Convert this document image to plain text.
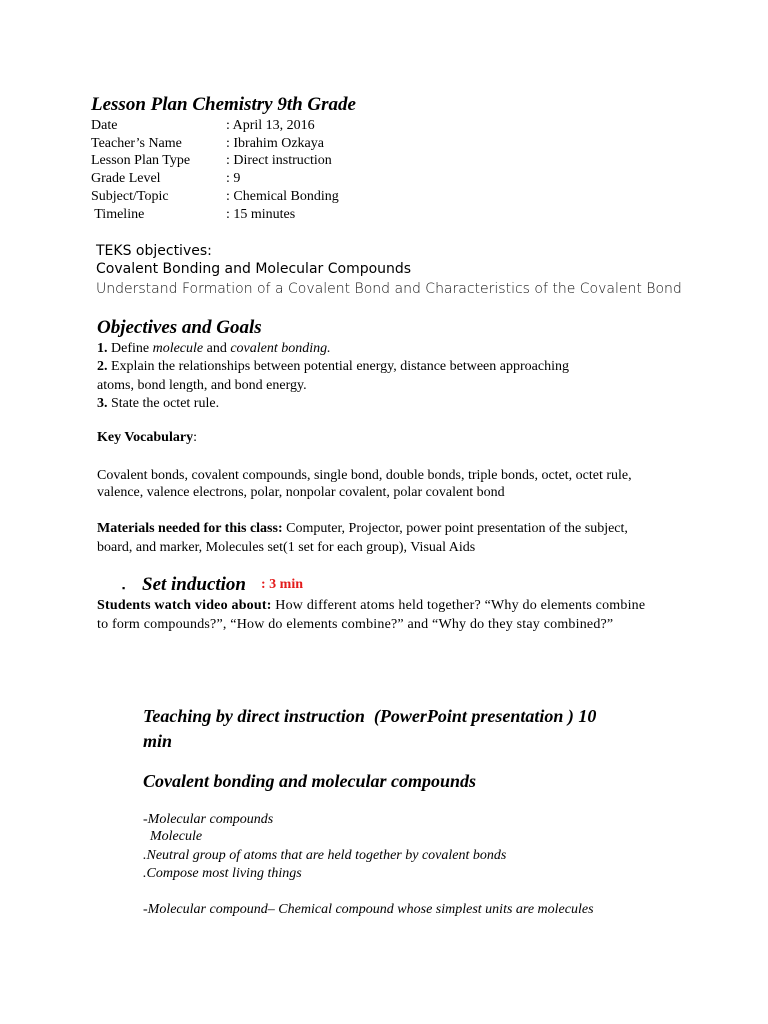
Lesson Plan Chemistry 9th Grade
Date	: April 13, 2016
Teacher’s Name	: Ibrahim Ozkaya
Lesson Plan Type	: Direct instruction
Grade Level	: 9
Subject/Topic	: Chemical Bonding
Timeline	: 15 minutes
TEKS objectives:
Covalent Bonding and Molecular Compounds
Understand Formation of a Covalent Bond and Characteristics of the Covalent Bond
Objectives and Goals
1. Define molecule and covalent bonding.
2. Explain the relationships between potential energy, distance between approaching
atoms, bond length, and bond energy.
3. State the octet rule.
Key Vocabulary:
Covalent bonds, covalent compounds, single bond, double bonds, triple bonds, octet, octet rule,
valence, valence electrons, polar, nonpolar covalent, polar covalent bond
Materials needed for this class: Computer, Projector, power point presentation of the subject,
board, and marker, Molecules set(1 set for each group), Visual Aids
▪ Set induction : 3 min
Students watch video about: How different atoms held together? “Why do elements combine
to form compounds?”, “How do elements combine?” and “Why do they stay combined?”
Teaching by direct instruction  (PowerPoint presentation ) 10
min
Covalent bonding and molecular compounds
-Molecular compounds
Molecule
.Neutral group of atoms that are held together by covalent bonds
.Compose most living things
-Molecular compound– Chemical compound whose simplest units are molecules
